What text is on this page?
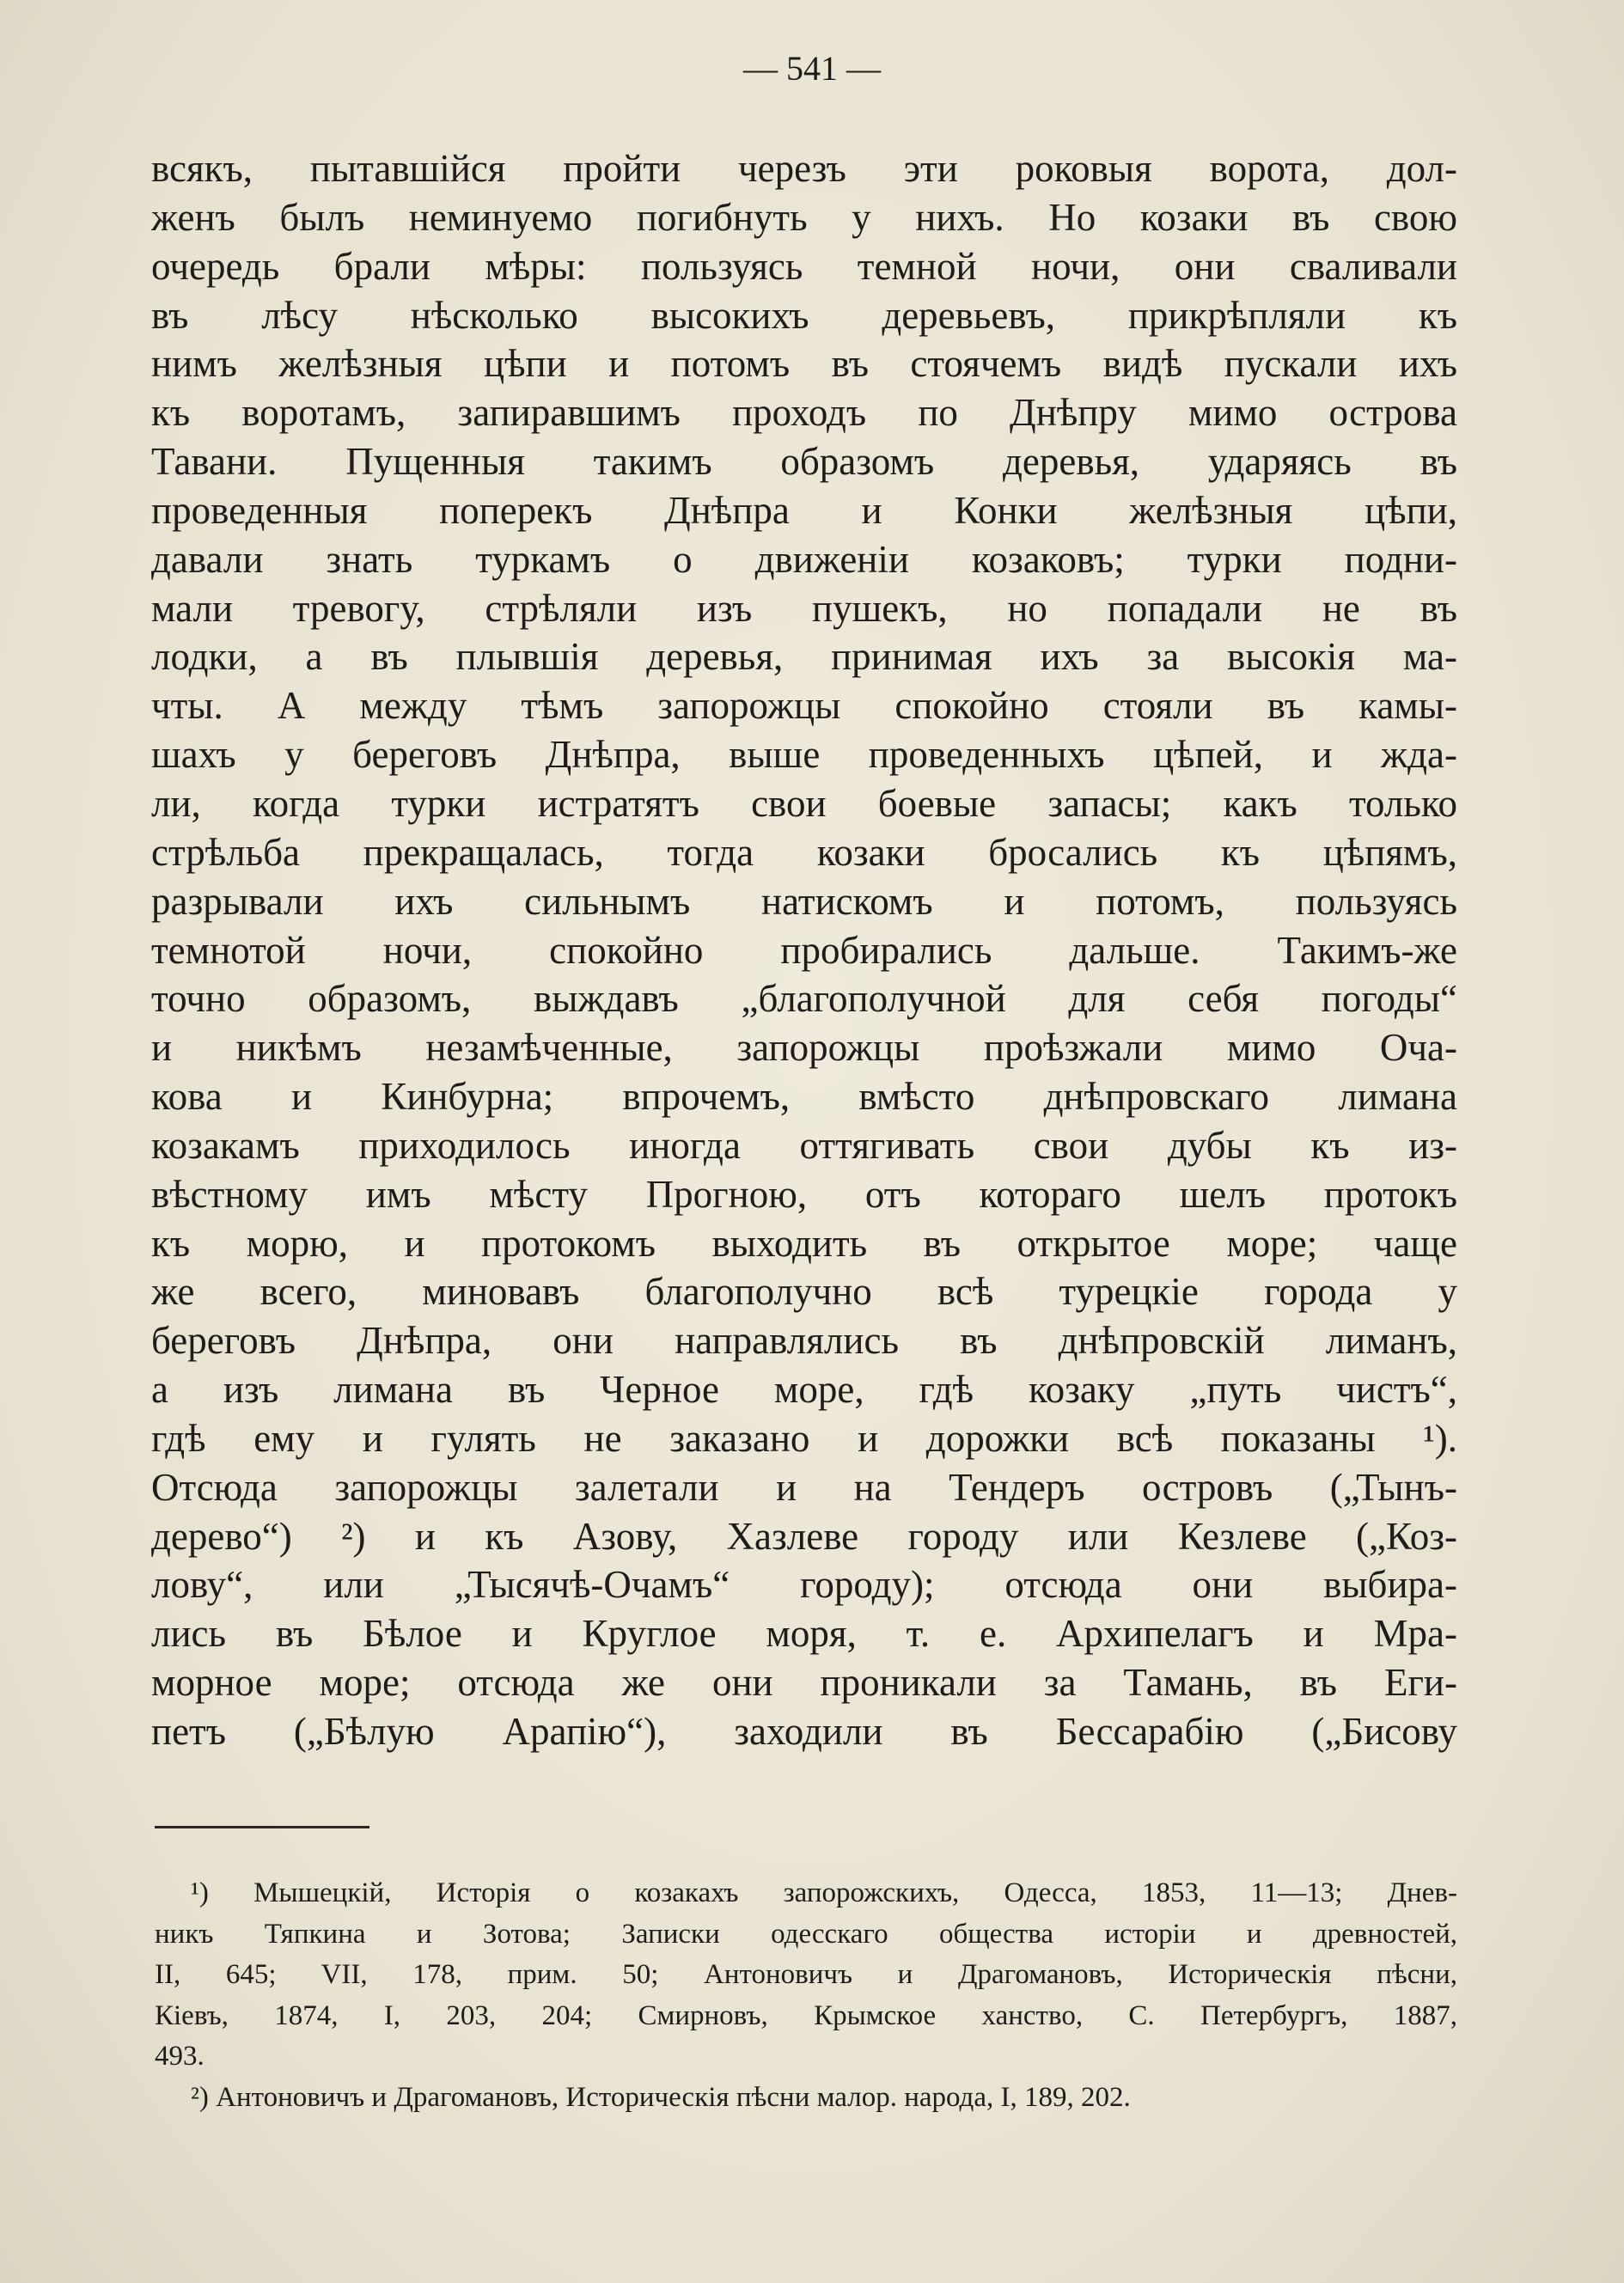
— 541 —
всякъ, пытавшійся пройти черезъ эти роковыя ворота, дол-
женъ былъ неминуемо погибнуть у нихъ. Но козаки въ свою
очередь брали мѣры: пользуясь темной ночи, они сваливали
въ лѣсу нѣсколько высокихъ деревьевъ, прикрѣпляли къ
нимъ желѣзныя цѣпи и потомъ въ стоячемъ видѣ пускали ихъ
къ воротамъ, запиравшимъ проходъ по Днѣпру мимо острова
Тавани. Пущенныя такимъ образомъ деревья, ударяясь въ
проведенныя поперекъ Днѣпра и Конки желѣзныя цѣпи,
давали знать туркамъ о движеніи козаковъ; турки подни-
мали тревогу, стрѣляли изъ пушекъ, но попадали не въ
лодки, а въ плывшія деревья, принимая ихъ за высокія ма-
чты. А между тѣмъ запорожцы спокойно стояли въ камы-
шахъ у береговъ Днѣпра, выше проведенныхъ цѣпей, и жда-
ли, когда турки истратятъ свои боевые запасы; какъ только
стрѣльба прекращалась, тогда козаки бросались къ цѣпямъ,
разрывали ихъ сильнымъ натискомъ и потомъ, пользуясь
темнотой ночи, спокойно пробирались дальше. Такимъ-же
точно образомъ, выждавъ „благополучной для себя погоды“
и никѣмъ незамѣченные, запорожцы проѣзжали мимо Оча-
кова и Кинбурна; впрочемъ, вмѣсто днѣпровскаго лимана
козакамъ приходилось иногда оттягивать свои дубы къ из-
вѣстному имъ мѣсту Прогною, отъ котораго шелъ протокъ
къ морю, и протокомъ выходить въ открытое море; чаще
же всего, миновавъ благополучно всѣ турецкіе города у
береговъ Днѣпра, они направлялись въ днѣпровскій лиманъ,
а изъ лимана въ Черное море, гдѣ козаку „путь чистъ“,
гдѣ ему и гулять не заказано и дорожки всѣ показаны ¹).
Отсюда запорожцы залетали и на Тендеръ островъ („Тынъ-
дерево“) ²) и къ Азову, Хазлеве городу или Кезлеве („Коз-
лову“, или „Тысячѣ-Очамъ“ городу); отсюда они выбира-
лись въ Бѣлое и Круглое моря, т. е. Архипелагъ и Мра-
морное море; отсюда же они проникали за Тамань, въ Еги-
петъ („Бѣлую Арапію“), заходили въ Бессарабію („Бисову
¹) Мышецкій, Исторія о козакахъ запорожскихъ, Одесса, 1853, 11—13; Днев-
никъ Тяпкина и Зотова; Записки одесскаго общества исторіи и древностей,
II, 645; VII, 178, прим. 50; Антоновичъ и Драгомановъ, Историческія пѣсни,
Кіевъ, 1874, I, 203, 204; Смирновъ, Крымское ханство, С. Петербургъ, 1887,
493.
²) Антоновичъ и Драгомановъ, Историческія пѣсни малор. народа, I, 189, 202.
